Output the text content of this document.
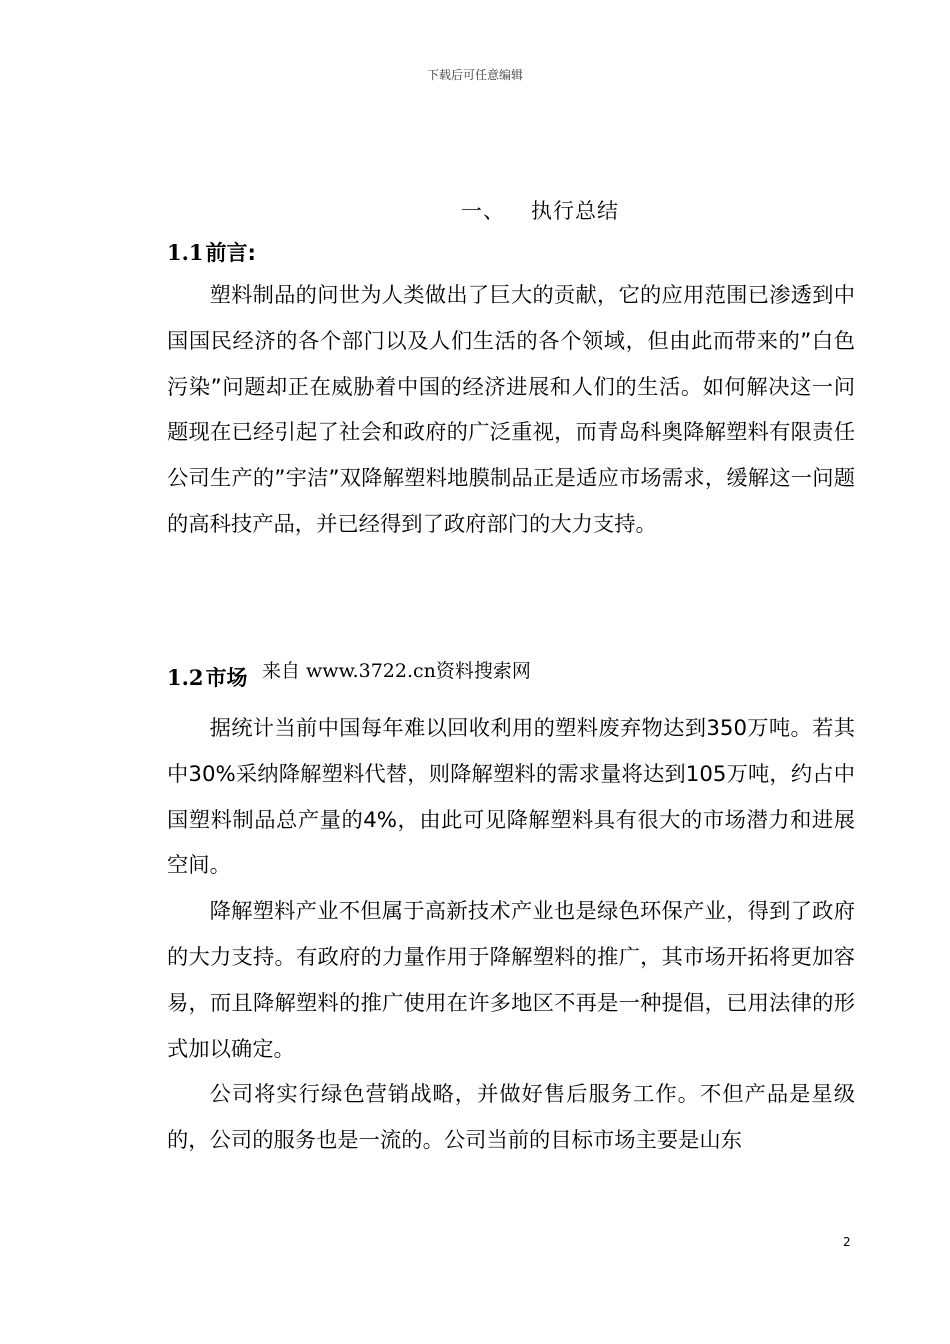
下载后可任意编辑
一、 执行总结
1.1前言:

塑料制品的问世为人类做出了巨大的贡献，它的应用范围已渗透到中国国民经济的各个部门以及人们生活的各个领域，但由此而带来的”白色污染”问题却正在威胁着中国的经济进展和人们的生活。如何解决这一问题现在已经引起了社会和政府的广泛重视，而青岛科奥降解塑料有限责任公司生产的”宇洁”双降解塑料地膜制品正是适应市场需求，缓解这一问题的高科技产品，并已经得到了政府部门的大力支持。

1.2市场 来自 www.3722.cn资料搜索网

据统计当前中国每年难以回收利用的塑料废弃物达到350万吨。若其中30%采纳降解塑料代替，则降解塑料的需求量将达到105万吨，约占中国塑料制品总产量的4%，由此可见降解塑料具有很大的市场潜力和进展空间。

降解塑料产业不但属于高新技术产业也是绿色环保产业，得到了政府的大力支持。有政府的力量作用于降解塑料的推广，其市场开拓将更加容易，而且降解塑料的推广使用在许多地区不再是一种提倡，已用法律的形式加以确定。

公司将实行绿色营销战略，并做好售后服务工作。不但产品是星级的，公司的服务也是一流的。公司当前的目标市场主要是山东

2
